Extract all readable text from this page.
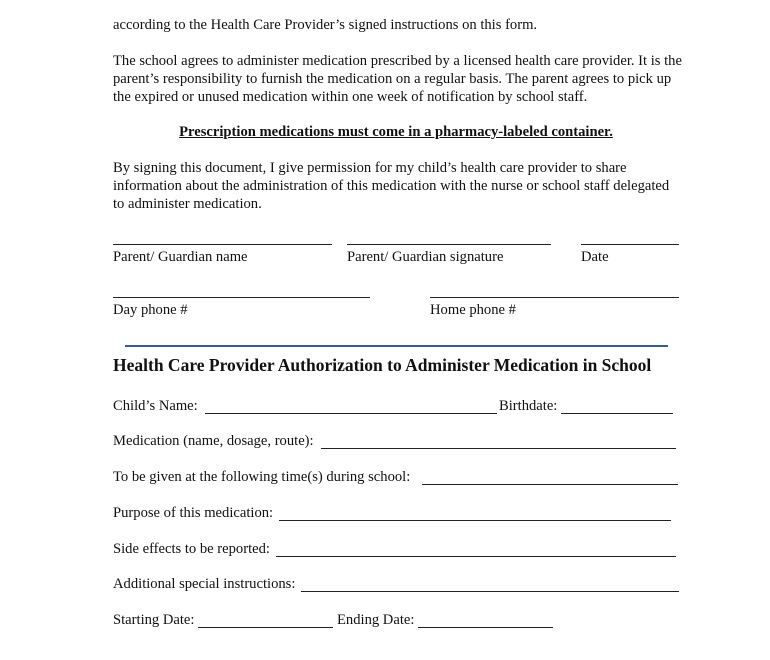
according to the Health Care Provider’s signed instructions on this form.

The school agrees to administer medication prescribed by a licensed health care provider. It is the parent’s responsibility to furnish the medication on a regular basis. The parent agrees to pick up the expired or unused medication within one week of notification by school staff.

Prescription medications must come in a pharmacy-labeled container.

By signing this document, I give permission for my child’s health care provider to share information about the administration of this medication with the nurse or school staff delegated to administer medication.

Parent/ Guardian name	Parent/ Guardian signature	Date
Day phone #	Home phone #
Health Care Provider Authorization to Administer Medication in School
Child’s Name:	Birthdate:
Medication (name, dosage, route):
To be given at the following time(s) during school:
Purpose of this medication:
Side effects to be reported:
Additional special instructions:
Starting Date:	Ending Date:
